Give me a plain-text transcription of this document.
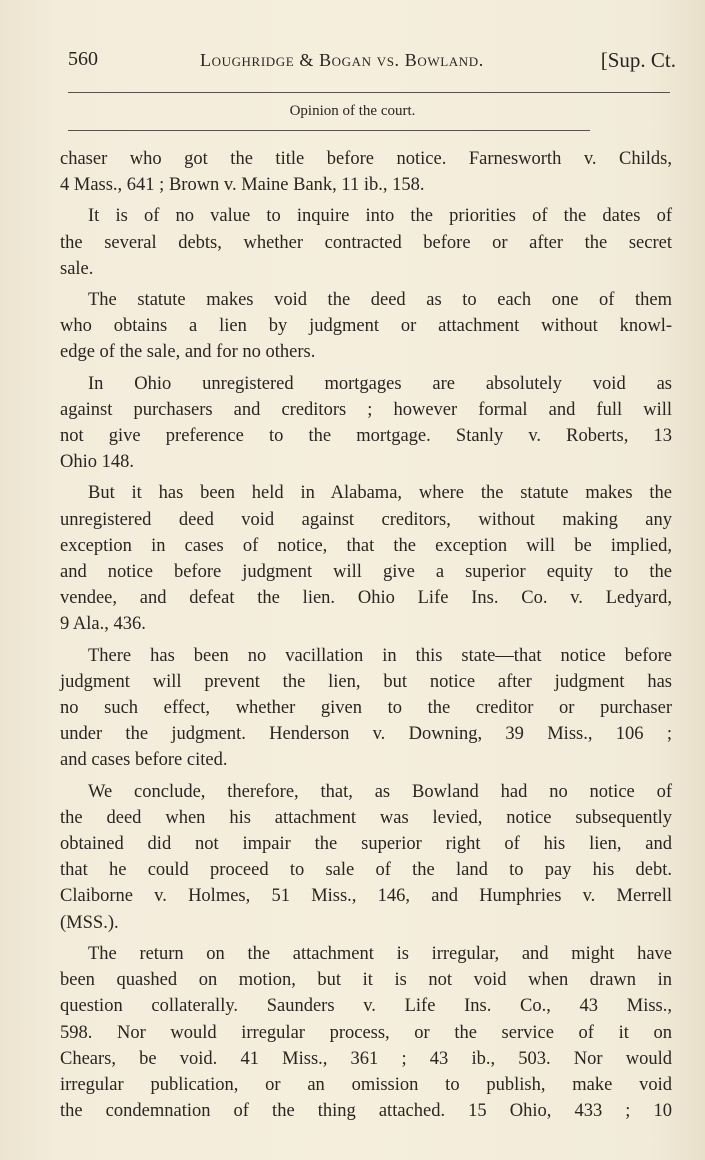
560	Loughridge & Bogan vs. Bowland.	[Sup. Ct.
Opinion of the court.

chaser who got the title before notice. Farnesworth v. Childs,

4 Mass., 641 ; Brown v. Maine Bank, 11 ib., 158.

It is of no value to inquire into the priorities of the dates of

the several debts, whether contracted before or after the secret

sale.

The statute makes void the deed as to each one of them

who obtains a lien by judgment or attachment without knowl-

edge of the sale, and for no others.

In Ohio unregistered mortgages are absolutely void as

against purchasers and creditors ; however formal and full will

not give preference to the mortgage. Stanly v. Roberts, 13

Ohio 148.

But it has been held in Alabama, where the statute makes the

unregistered deed void against creditors, without making any

exception in cases of notice, that the exception will be implied,

and notice before judgment will give a superior equity to the

vendee, and defeat the lien. Ohio Life Ins. Co. v. Ledyard,

9 Ala., 436.

There has been no vacillation in this state—that notice before

judgment will prevent the lien, but notice after judgment has

no such effect, whether given to the creditor or purchaser

under the judgment. Henderson v. Downing, 39 Miss., 106 ;

and cases before cited.

We conclude, therefore, that, as Bowland had no notice of

the deed when his attachment was levied, notice subsequently

obtained did not impair the superior right of his lien, and

that he could proceed to sale of the land to pay his debt.

Claiborne v. Holmes, 51 Miss., 146, and Humphries v. Merrell

(MSS.).

The return on the attachment is irregular, and might have

been quashed on motion, but it is not void when drawn in

question collaterally. Saunders v. Life Ins. Co., 43 Miss.,

598. Nor would irregular process, or the service of it on

Chears, be void. 41 Miss., 361 ; 43 ib., 503. Nor would

irregular publication, or an omission to publish, make void

the condemnation of the thing attached. 15 Ohio, 433 ; 10
